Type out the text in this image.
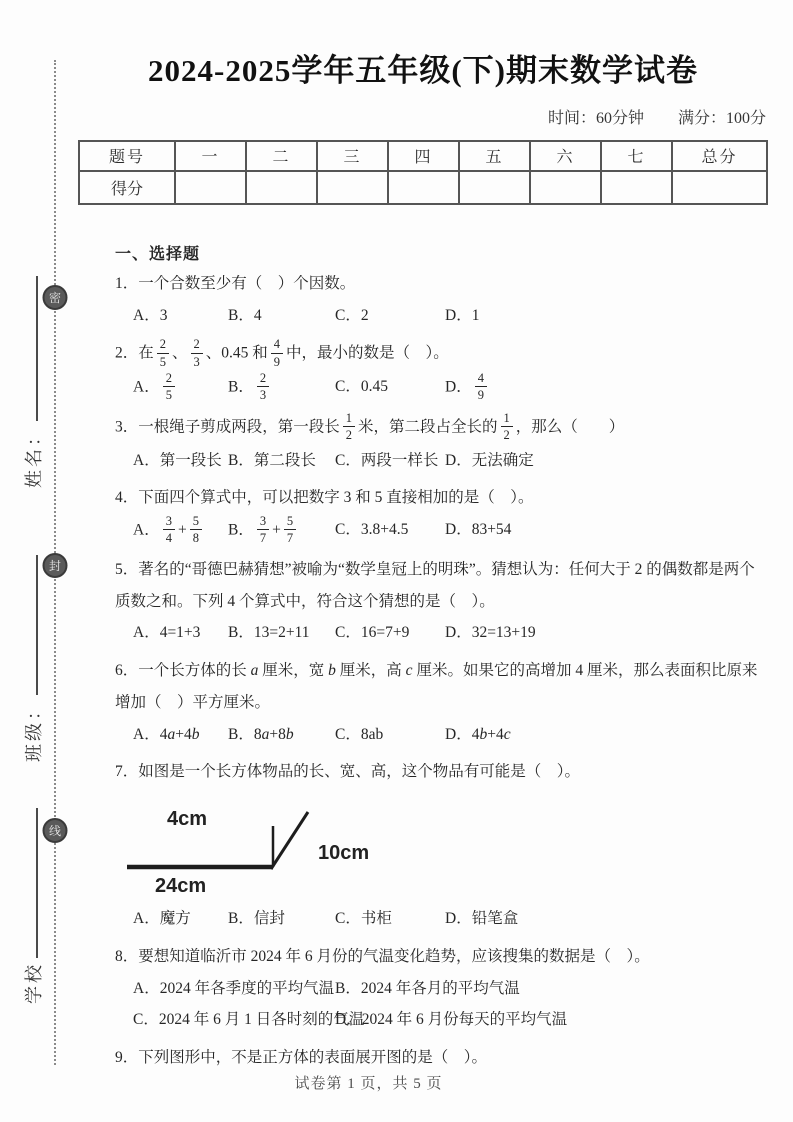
姓名：
班级：
学校
密
封
线
2024-2025学年五年级(下)期末数学试卷
时间：60分钟 满分：100分
题号	一	二	三	四	五	六	七	总分
得分								

一、选择题

1．一个合数至少有（　）个因数。

A．3	B．4	C．2	D．1

2．在 $\frac{2}{5}$ 、 $\frac{2}{3}$ 、0.45 和 $\frac{4}{9}$ 中，最小的数是（　）。

A． $\frac{2}{5}$	B． $\frac{2}{3}$	C．0.45	D． $\frac{4}{9}$

3．一根绳子剪成两段，第一段长 $\frac{1}{2}$ 米，第二段占全长的 $\frac{1}{2}$ ，那么（　　）

A．第一段长 B．第二段长	C．两段一样长 D．无法确定

4．下面四个算式中，可以把数字 3 和 5 直接相加的是（　）。

A． $\frac{3}{4} + \frac{5}{8}$ B． $\frac{3}{7} + \frac{5}{7}$	C．3.8+4.5	D．83+54

5．著名的“哥德巴赫猜想”被喻为“数学皇冠上的明珠”。猜想认为：任何大于 2 的偶数都是两个质数之和。下列 4 个算式中，符合这个猜想的是（　）。

A．4=1+3	B．13=2+11	C．16=7+9	D．32=13+19

6．一个长方体的长 a 厘米，宽 b 厘米，高 c 厘米。如果它的高增加 4 厘米，那么表面积比原来增加（　）平方厘米。

A．4a+4b	B．8a+8b	C．8ab	D．4b+4c

7．如图是一个长方体物品的长、宽、高，这个物品有可能是（　）。

4cm
24cm
10cm
A．魔方	B．信封	C．书柜	D．铅笔盒

8．要想知道临沂市 2024 年 6 月份的气温变化趋势，应该搜集的数据是（　）。

A．2024 年各季度的平均气温 B．2024 年各月的平均气温
C．2024 年 6 月 1 日各时刻的气温
D．2024 年 6 月份每天的平均气温

9．下列图形中，不是正方体的表面展开图的是（　）。

试卷第 1 页，共 5 页
